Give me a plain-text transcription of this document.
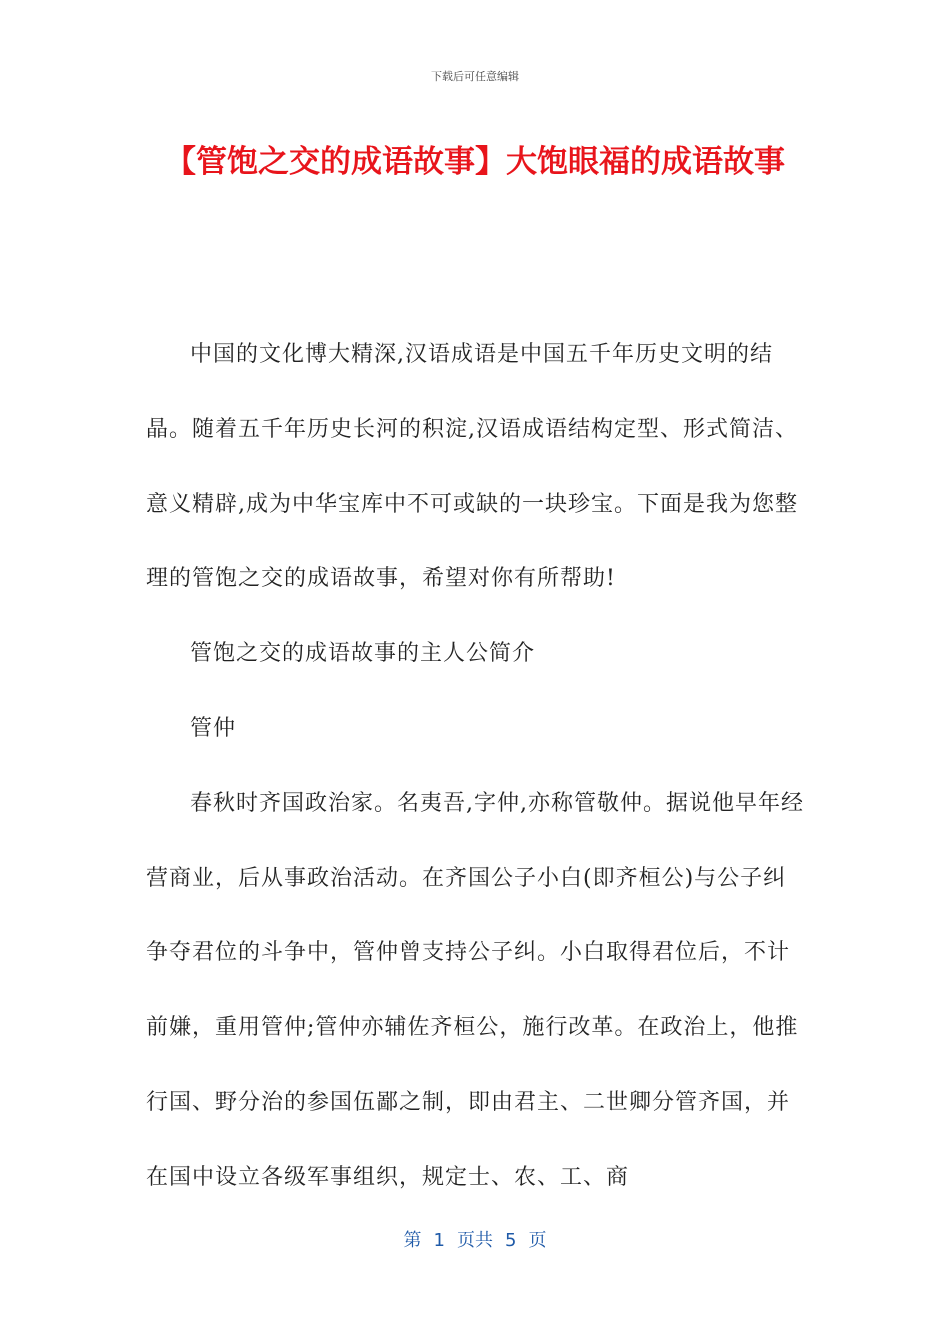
下载后可任意编辑
【管饱之交的成语故事】大饱眼福的成语故事

中国的文化博大精深,汉语成语是中国五千年历史文明的结晶。随着五千年历史长河的积淀,汉语成语结构定型、形式简洁、意义精辟,成为中华宝库中不可或缺的一块珍宝。下面是我为您整理的管饱之交的成语故事，希望对你有所帮助!

管饱之交的成语故事的主人公简介

管仲

春秋时齐国政治家。名夷吾,字仲,亦称管敬仲。据说他早年经营商业，后从事政治活动。在齐国公子小白(即齐桓公)与公子纠争夺君位的斗争中，管仲曾支持公子纠。小白取得君位后，不计前嫌，重用管仲;管仲亦辅佐齐桓公，施行改革。在政治上，他推行国、野分治的参国伍鄙之制，即由君主、二世卿分管齐国，并在国中设立各级军事组织，规定士、农、工、商

第 1 页共 5 页
